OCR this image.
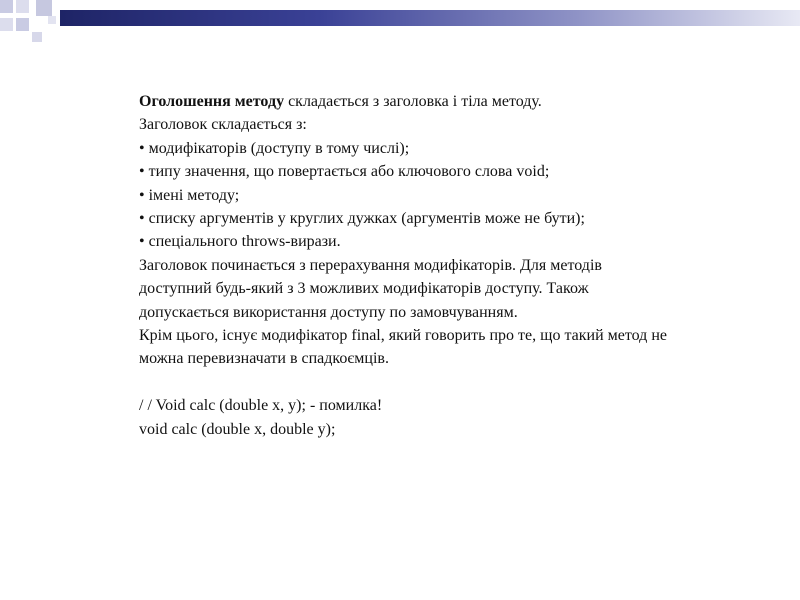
Оголошення методу складається з заголовка і тіла методу.

Заголовок складається з:

• модифікаторів (доступу в тому числі);

• типу значення, що повертається або ключового слова void;

• імені методу;

• списку аргументів у круглих дужках (аргументів може не бути);

• спеціального throws-вирази.

Заголовок починається з перерахування модифікаторів. Для методів доступний будь-який з 3 можливих модифікаторів доступу. Також допускається використання доступу по замовчуванням.

Крім цього, існує модифікатор final, який говорить про те, що такий метод не можна перевизначати в спадкоємців.

/ / Void calc (double x, y); - помилка!

void calc (double x, double y);
